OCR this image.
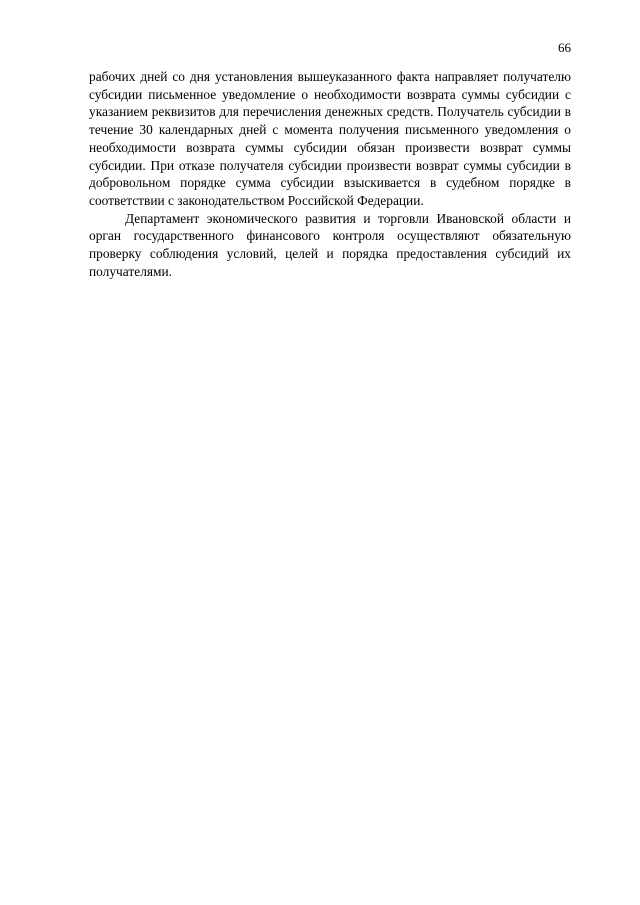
66

рабочих дней со дня установления вышеуказанного факта направляет получателю субсидии письменное уведомление о необходимости возврата суммы субсидии с указанием реквизитов для перечисления денежных средств. Получатель субсидии в течение 30 календарных дней с момента получения письменного уведомления о необходимости возврата суммы субсидии обязан произвести возврат суммы субсидии. При отказе получателя субсидии произвести возврат суммы субсидии в добровольном порядке сумма субсидии взыскивается в судебном порядке в соответствии с законодательством Российской Федерации.

Департамент экономического развития и торговли Ивановской области и орган государственного финансового контроля осуществляют обязательную проверку соблюдения условий, целей и порядка предоставления субсидий их получателями.
